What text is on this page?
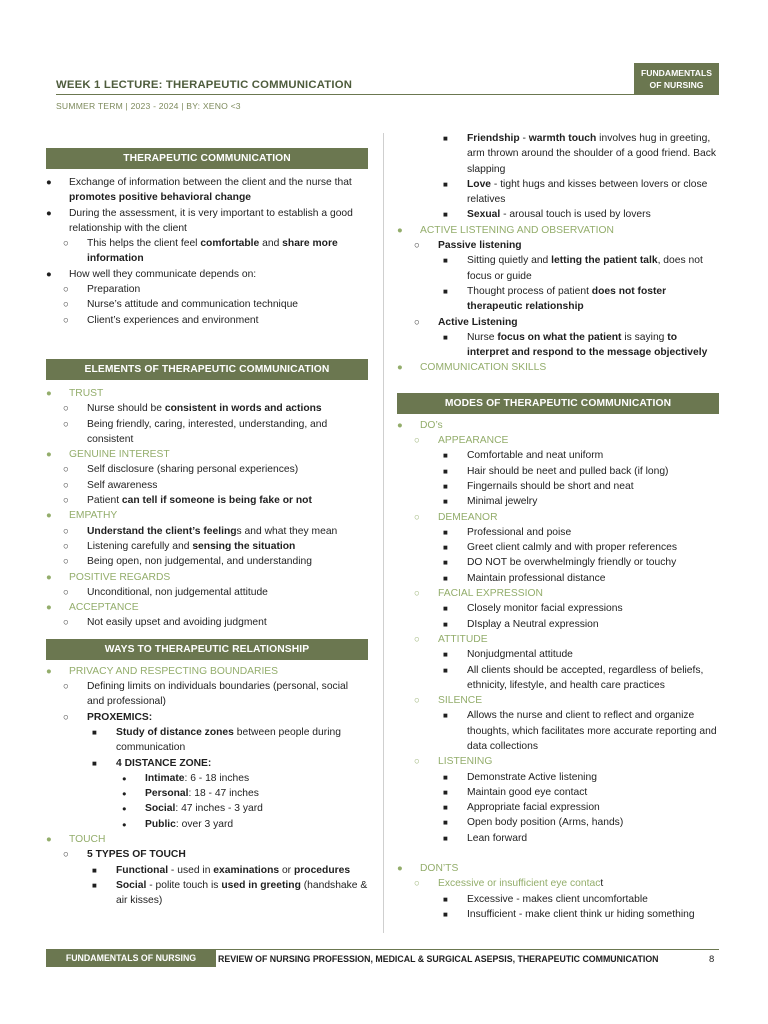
WEEK 1 LECTURE: THERAPEUTIC COMMUNICATION
SUMMER TERM | 2023 - 2024 | BY: XENO <3
FUNDAMENTALS
OF NURSING
THERAPEUTIC COMMUNICATION
● Exchange of information between the client and the nurse that promotes positive behavioral change
● During the assessment, it is very important to establish a good relationship with the client
○ This helps the client feel comfortable and share more information
● How well they communicate depends on:
○ Preparation
○ Nurse’s attitude and communication technique
○ Client’s experiences and environment
ELEMENTS OF THERAPEUTIC COMMUNICATION
● TRUST
○ Nurse should be consistent in words and actions
○ Being friendly, caring, interested, understanding, and consistent
● GENUINE INTEREST
○ Self disclosure (sharing personal experiences)
○ Self awareness
○ Patient can tell if someone is being fake or not
● EMPATHY
○ Understand the client’s feelings and what they mean
○ Listening carefully and sensing the situation
○ Being open, non judgemental, and understanding
● POSITIVE REGARDS
○ Unconditional, non judgemental attitude
● ACCEPTANCE
○ Not easily upset and avoiding judgment
WAYS TO THERAPEUTIC RELATIONSHIP
● PRIVACY AND RESPECTING BOUNDARIES
○ Defining limits on individuals boundaries (personal, social and professional)
○ PROXEMICS:
■ Study of distance zones between people during communication
■ 4 DISTANCE ZONE:
● Intimate: 6 - 18 inches
● Personal: 18 - 47 inches
● Social: 47 inches - 3 yard
● Public: over 3 yard
● TOUCH
○ 5 TYPES OF TOUCH
■ Functional - used in examinations or procedures
■ Social - polite touch is used in greeting (handshake & air kisses)
■ Friendship - warmth touch involves hug in greeting, arm thrown around the shoulder of a good friend. Back slapping
■ Love - tight hugs and kisses between lovers or close relatives
■ Sexual - arousal touch is used by lovers
● ACTIVE LISTENING AND OBSERVATION
○ Passive listening
■ Sitting quietly and letting the patient talk, does not focus or guide
■ Thought process of patient does not foster therapeutic relationship
○ Active Listening
■ Nurse focus on what the patient is saying to interpret and respond to the message objectively
● COMMUNICATION SKILLS
MODES OF THERAPEUTIC COMMUNICATION
● DO’s
○ APPEARANCE
■ Comfortable and neat uniform
■ Hair should be neet and pulled back (if long)
■ Fingernails should be short and neat
■ Minimal jewelry
○ DEMEANOR
■ Professional and poise
■ Greet client calmly and with proper references
■ DO NOT be overwhelmingly friendly or touchy
■ Maintain professional distance
○ FACIAL EXPRESSION
■ Closely monitor facial expressions
■ DIsplay a Neutral expression
○ ATTITUDE
■ Nonjudgmental attitude
■ All clients should be accepted, regardless of beliefs, ethnicity, lifestyle, and health care practices
○ SILENCE
■ Allows the nurse and client to reflect and organize thoughts, which facilitates more accurate reporting and data collections
○ LISTENING
■ Demonstrate Active listening
■ Maintain good eye contact
■ Appropriate facial expression
■ Open body position (Arms, hands)
■ Lean forward
● DON’TS
○ Excessive or insufficient eye contact
■ Excessive - makes client uncomfortable
■ Insufficient - make client think ur hiding something
FUNDAMENTALS OF NURSING	REVIEW OF NURSING PROFESSION, MEDICAL & SURGICAL ASEPSIS, THERAPEUTIC COMMUNICATION	8
